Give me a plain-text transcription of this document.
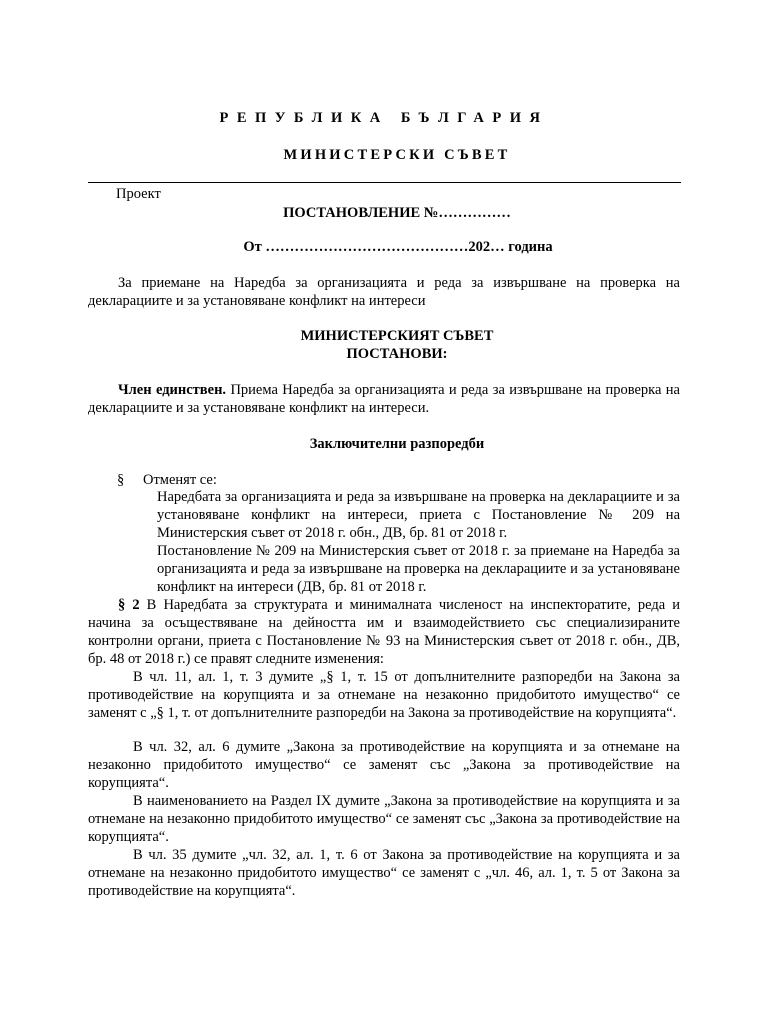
РЕПУБЛИКА БЪЛГАРИЯ
МИНИСТЕРСКИ СЪВЕТ
Проект
ПОСТАНОВЛЕНИЕ №……………
От ……………………………………202… година

За приемане на Наредба за организацията и реда за извършване на проверка на декларациите и за установяване конфликт на интереси

МИНИСТЕРСКИЯТ СЪВЕТ
ПОСТАНОВИ:

Член единствен. Приема Наредба за организацията и реда за извършване на проверка на декларациите и за установяване конфликт на интереси.

Заключителни разпоредби
§ Отменят се:

Наредбата за организацията и реда за извършване на проверка на декларациите и за установяване конфликт на интереси, приета с Постановление № 209 на Министерския съвет от 2018 г. обн., ДВ, бр. 81 от 2018 г.

Постановление № 209 на Министерския съвет от 2018 г. за приемане на Наредба за организацията и реда за извършване на проверка на декларациите и за установяване конфликт на интереси (ДВ, бр. 81 от 2018 г.

§ 2 В Наредбата за структурата и минималната численост на инспекторатите, реда и начина за осъществяване на дейността им и взаимодействието със специализираните контролни органи, приета с Постановление № 93 на Министерския съвет от 2018 г. обн., ДВ, бр. 48 от 2018 г.) се правят следните изменения:

В чл. 11, ал. 1, т. 3 думите „§ 1, т. 15 от допълнителните разпоредби на Закона за противодействие на корупцията и за отнемане на незаконно придобитото имущество“ се заменят с „§ 1, т. от допълнителните разпоредби на Закона за противодействие на корупцията“.

В чл. 32, ал. 6 думите „Закона за противодействие на корупцията и за отнемане на незаконно придобитото имущество“ се заменят със „Закона за противодействие на корупцията“.

В наименованието на Раздел IX думите „Закона за противодействие на корупцията и за отнемане на незаконно придобитото имущество“ се заменят със „Закона за противодействие на корупцията“.

В чл. 35 думите „чл. 32, ал. 1, т. 6 от Закона за противодействие на корупцията и за отнемане на незаконно придобитото имущество“ се заменят с „чл. 46, ал. 1, т. 5 от Закона за противодействие на корупцията“.
